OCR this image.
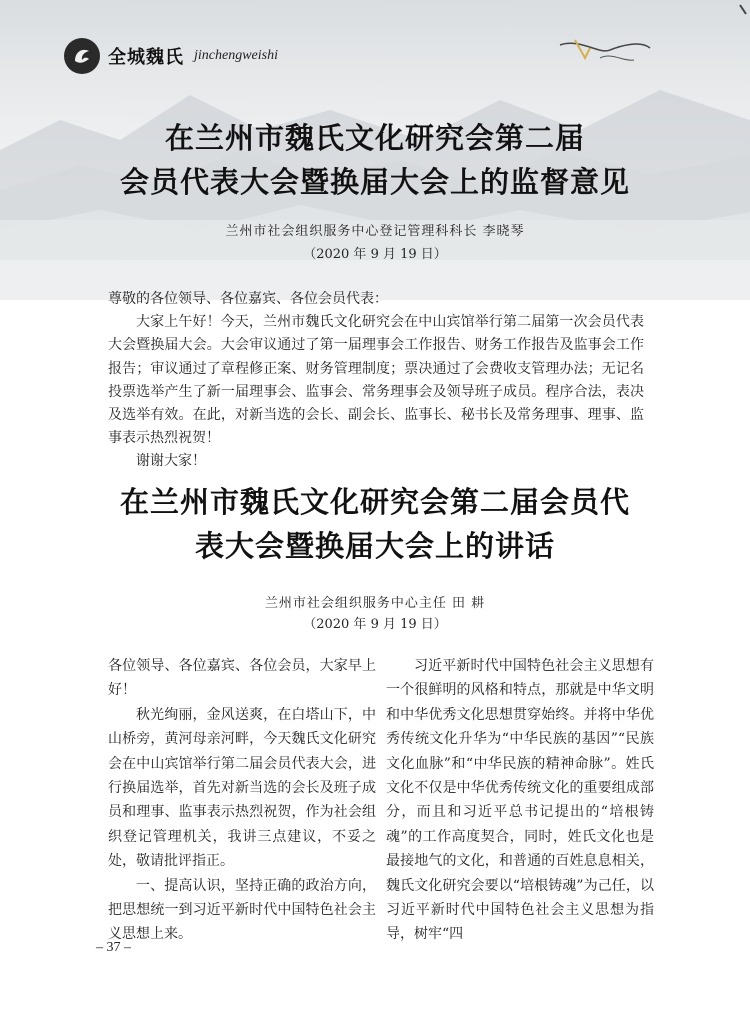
全城魏氏 jinchengweishi
在兰州市魏氏文化研究会第二届
会员代表大会暨换届大会上的监督意见
兰州市社会组织服务中心登记管理科科长 李晓琴
（2020 年 9 月 19 日）

尊敬的各位领导、各位嘉宾、各位会员代表：

大家上午好！今天，兰州市魏氏文化研究会在中山宾馆举行第二届第一次会员代表大会暨换届大会。大会审议通过了第一届理事会工作报告、财务工作报告及监事会工作报告；审议通过了章程修正案、财务管理制度；票决通过了会费收支管理办法；无记名投票选举产生了新一届理事会、监事会、常务理事会及领导班子成员。程序合法，表决及选举有效。在此，对新当选的会长、副会长、监事长、秘书长及常务理事、理事、监事表示热烈祝贺！

谢谢大家！

在兰州市魏氏文化研究会第二届会员代
表大会暨换届大会上的讲话
兰州市社会组织服务中心主任 田 耕
（2020 年 9 月 19 日）

各位领导、各位嘉宾、各位会员，大家早上好！

秋光绚丽，金风送爽，在白塔山下，中山桥旁，黄河母亲河畔，今天魏氏文化研究会在中山宾馆举行第二届会员代表大会，进行换届选举，首先对新当选的会长及班子成员和理事、监事表示热烈祝贺，作为社会组织登记管理机关，我讲三点建议，不妥之处，敬请批评指正。

一、提高认识，坚持正确的政治方向，把思想统一到习近平新时代中国特色社会主义思想上来。

习近平新时代中国特色社会主义思想有一个很鲜明的风格和特点，那就是中华文明和中华优秀文化思想贯穿始终。并将中华优秀传统文化升华为“中华民族的基因”“民族文化血脉”和“中华民族的精神命脉”。姓氏文化不仅是中华优秀传统文化的重要组成部分，而且和习近平总书记提出的“培根铸魂”的工作高度契合，同时，姓氏文化也是最接地气的文化，和普通的百姓息息相关，魏氏文化研究会要以“培根铸魂”为己任，以习近平新时代中国特色社会主义思想为指导，树牢“四

– 37 –
